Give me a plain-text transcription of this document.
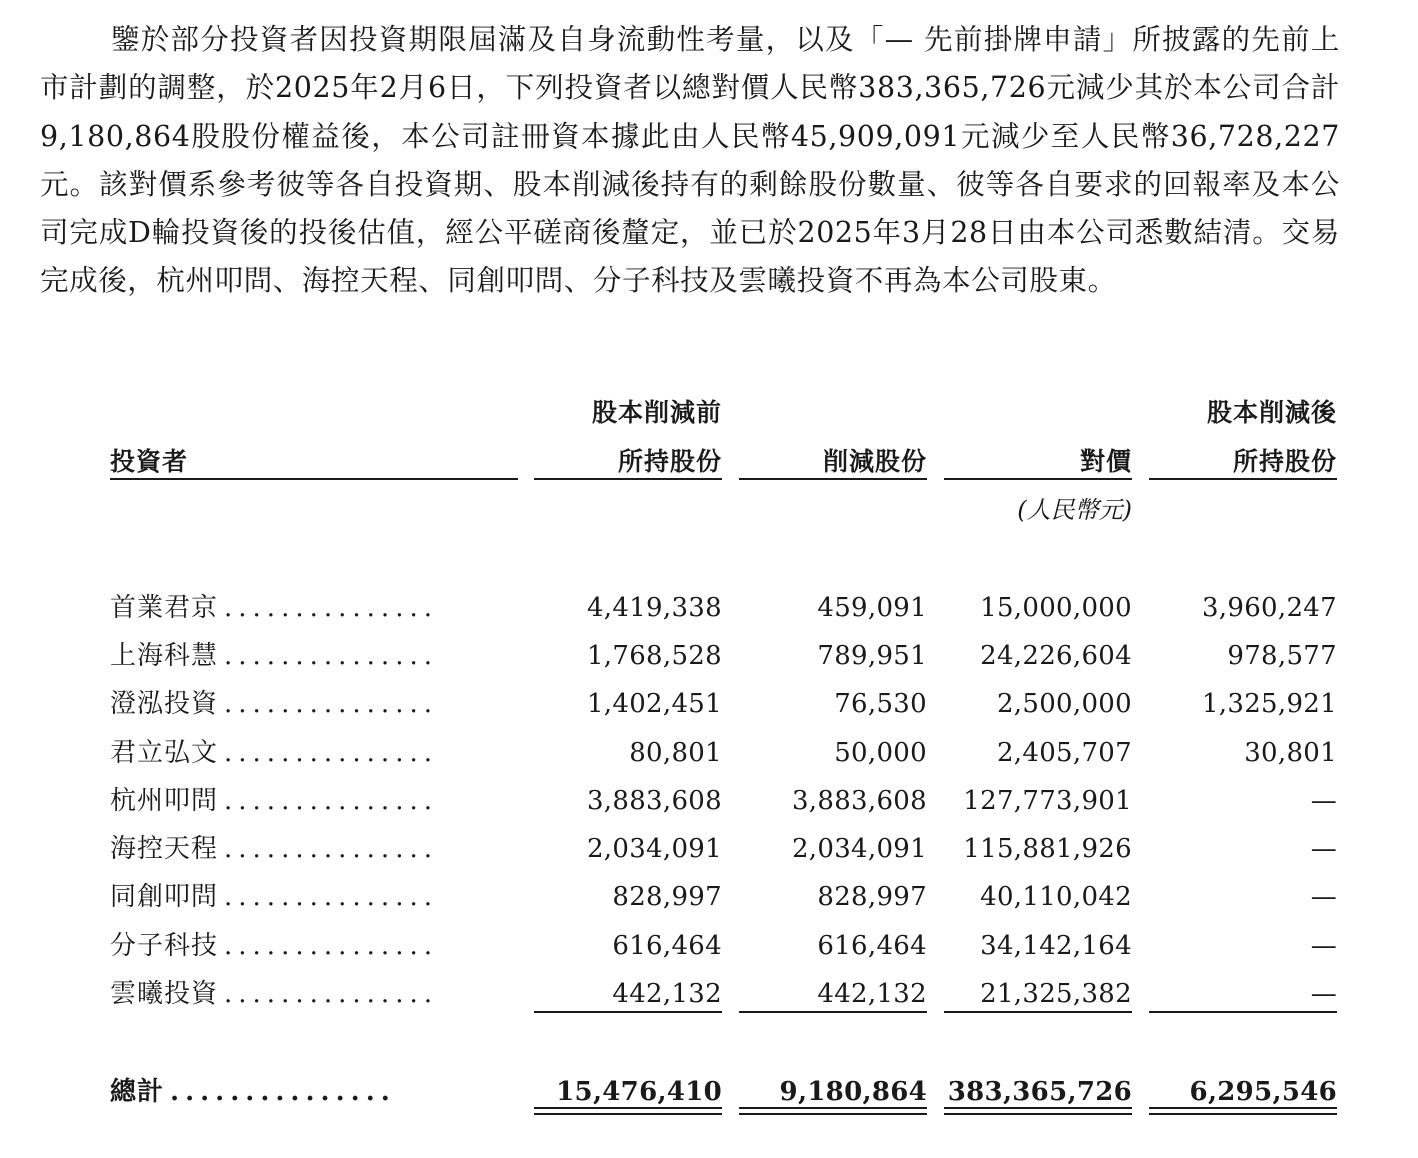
鑒於部分投資者因投資期限屆滿及自身流動性考量，以及「— 先前掛牌申請」所披露的先前上市計劃的調整，於2025年2月6日，下列投資者以總對價人民幣383,365,726元減少其於本公司合計9,180,864股股份權益後，本公司註冊資本據此由人民幣45,909,091元減少至人民幣36,728,227元。該對價系參考彼等各自投資期、股本削減後持有的剩餘股份數量、彼等各自要求的回報率及本公司完成D輪投資後的投後估值，經公平磋商後釐定，並已於2025年3月28日由本公司悉數結清。交易完成後，杭州叩問、海控天程、同創叩問、分子科技及雲曦投資不再為本公司股東。

股本削減前	股本削減後
投資者	所持股份	削減股份	對價	所持股份
(人民幣元)
首業君京 ...............	4,419,338	459,091	15,000,000	3,960,247
上海科慧 ...............	1,768,528	789,951	24,226,604	978,577
澄泓投資 ...............	1,402,451	76,530	2,500,000	1,325,921
君立弘文 ...............	80,801	50,000	2,405,707	30,801
杭州叩問 ...............	3,883,608	3,883,608	127,773,901	—
海控天程 ...............	2,034,091	2,034,091	115,881,926	—
同創叩問 ...............	828,997	828,997	40,110,042	—
分子科技 ...............	616,464	616,464	34,142,164	—
雲曦投資 ...............	442,132	442,132	21,325,382	—
總計 ...............	15,476,410	9,180,864 383,365,726	6,295,546
